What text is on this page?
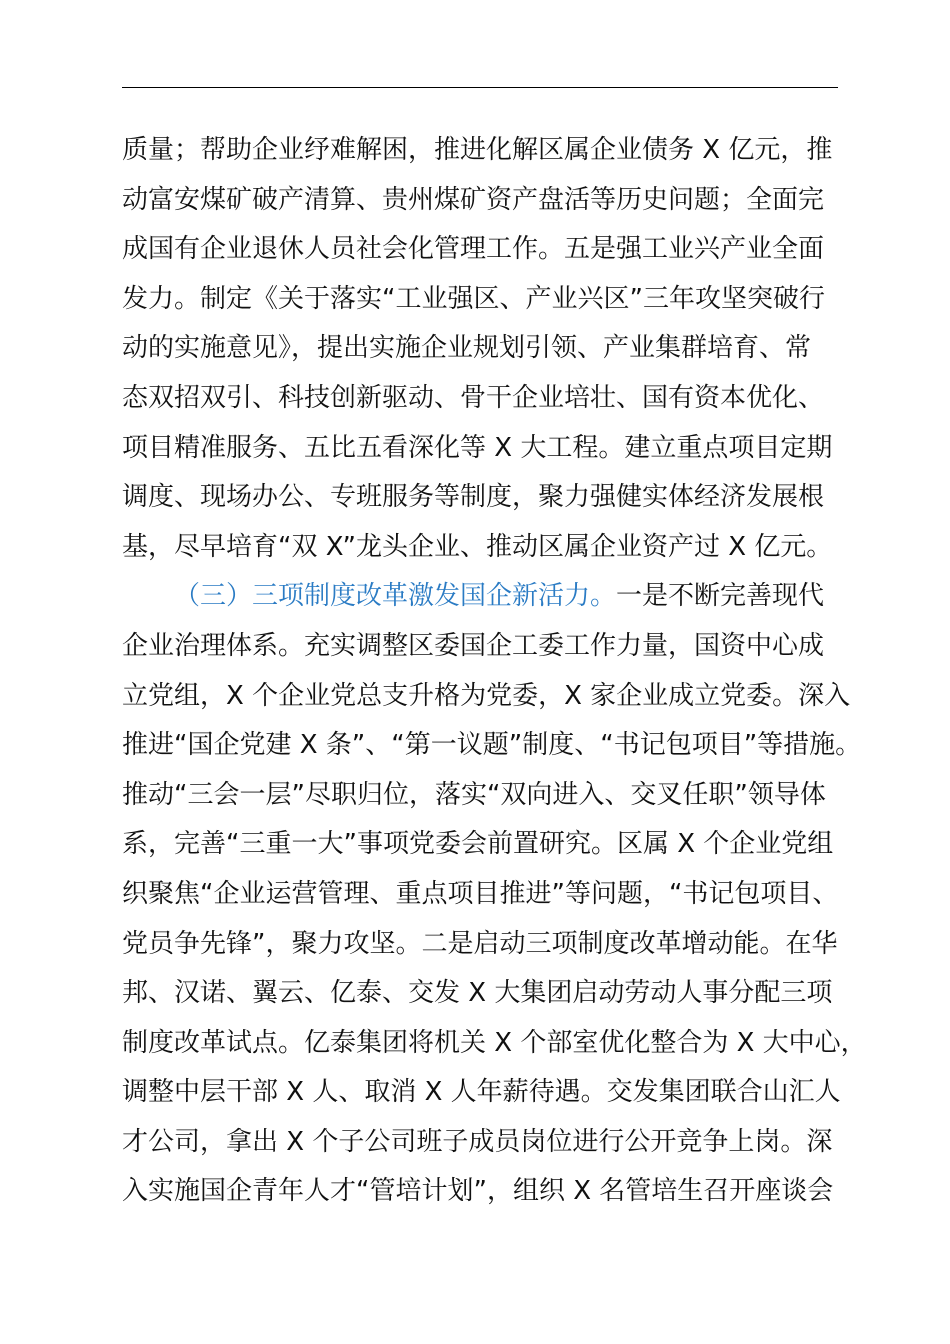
质量；帮助企业纾难解困，推进化解区属企业债务 X 亿元，推
动富安煤矿破产清算、贵州煤矿资产盘活等历史问题；全面完
成国有企业退休人员社会化管理工作。五是强工业兴产业全面
发力。制定《关于落实“工业强区、产业兴区”三年攻坚突破行
动的实施意见》，提出实施企业规划引领、产业集群培育、常
态双招双引、科技创新驱动、骨干企业培壮、国有资本优化、
项目精准服务、五比五看深化等 X 大工程。建立重点项目定期
调度、现场办公、专班服务等制度，聚力强健实体经济发展根
基，尽早培育“双 X”龙头企业、推动区属企业资产过 X 亿元。
（三）三项制度改革激发国企新活力。一是不断完善现代
企业治理体系。充实调整区委国企工委工作力量，国资中心成
立党组，X 个企业党总支升格为党委，X 家企业成立党委。深入
推进“国企党建 X 条”、“第一议题”制度、“书记包项目”等措施。
推动“三会一层”尽职归位，落实“双向进入、交叉任职”领导体
系，完善“三重一大”事项党委会前置研究。区属 X 个企业党组
织聚焦“企业运营管理、重点项目推进”等问题，“书记包项目、
党员争先锋”，聚力攻坚。二是启动三项制度改革增动能。在华
邦、汉诺、翼云、亿泰、交发 X 大集团启动劳动人事分配三项
制度改革试点。亿泰集团将机关 X 个部室优化整合为 X 大中心，
调整中层干部 X 人、取消 X 人年薪待遇。交发集团联合山汇人
才公司，拿出 X 个子公司班子成员岗位进行公开竞争上岗。深
入实施国企青年人才“管培计划”，组织 X 名管培生召开座谈会
